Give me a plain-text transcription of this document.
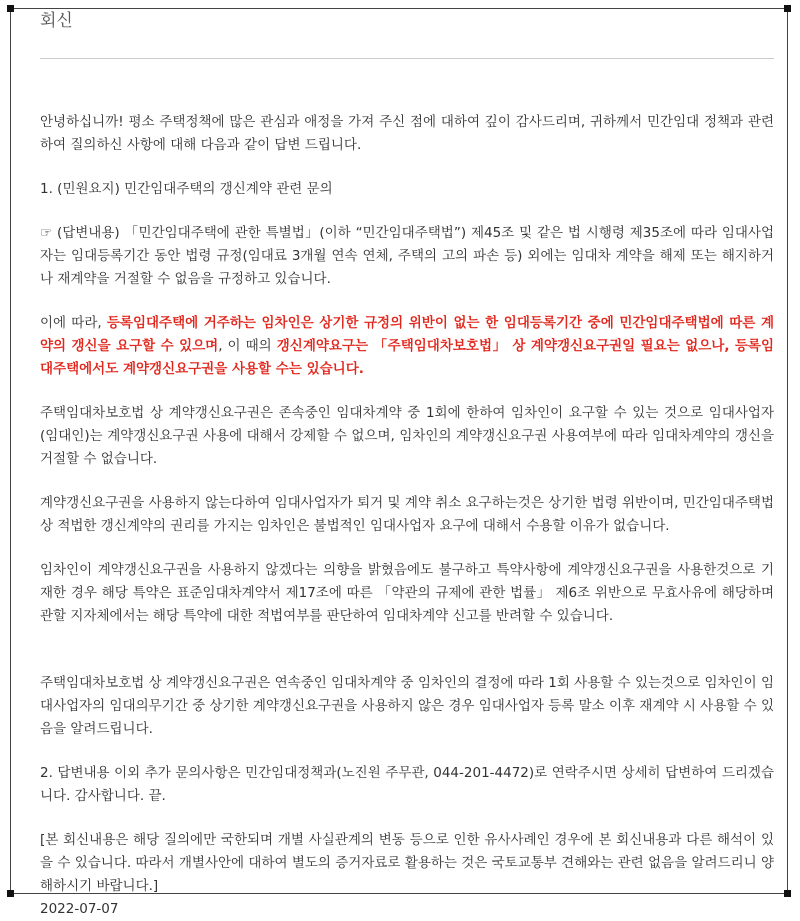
회신

안녕하십니까! 평소 주택정책에 많은 관심과 애정을 가져 주신 점에 대하여 깊이 감사드리며, 귀하께서 민간임대 정책과 관련하여 질의하신 사항에 대해 다음과 같이 답변 드립니다.

1. (민원요지) 민간임대주택의 갱신계약 관련 문의

☞ (답변내용) 「민간임대주택에 관한 특별법」(이하 “민간임대주택법”) 제45조 및 같은 법 시행령 제35조에 따라 임대사업자는 임대등록기간 동안 법령 규정(임대료 3개월 연속 연체, 주택의 고의 파손 등) 외에는 임대차 계약을 해제 또는 해지하거나 재계약을 거절할 수 없음을 규정하고 있습니다.

이에 따라, 등록임대주택에 거주하는 임차인은 상기한 규정의 위반이 없는 한 임대등록기간 중에 민간임대주택법에 따른 계약의 갱신을 요구할 수 있으며, 이 때의 갱신계약요구는 「주택임대차보호법」 상 계약갱신요구권일 필요는 없으나, 등록임대주택에서도 계약갱신요구권을 사용할 수는 있습니다.

주택임대차보호법 상 계약갱신요구권은 존속중인 임대차계약 중 1회에 한하여 임차인이 요구할 수 있는 것으로 임대사업자(임대인)는 계약갱신요구권 사용에 대해서 강제할 수 없으며, 임차인의 계약갱신요구권 사용여부에 따라 임대차계약의 갱신을 거절할 수 없습니다.

계약갱신요구권을 사용하지 않는다하여 임대사업자가 퇴거 및 계약 취소 요구하는것은 상기한 법령 위반이며, 민간임대주택법 상 적법한 갱신계약의 권리를 가지는 임차인은 불법적인 임대사업자 요구에 대해서 수용할 이유가 없습니다.

임차인이 계약갱신요구권을 사용하지 않겠다는 의향을 밝혔음에도 불구하고 특약사항에 계약갱신요구권을 사용한것으로 기재한 경우 해당 특약은 표준임대차계약서 제17조에 따른 「약관의 규제에 관한 법률」 제6조 위반으로 무효사유에 해당하며 관할 지자체에서는 해당 특약에 대한 적법여부를 판단하여 임대차계약 신고를 반려할 수 있습니다.

주택임대차보호법 상 계약갱신요구권은 연속중인 임대차계약 중 임차인의 결정에 따라 1회 사용할 수 있는것으로 임차인이 임대사업자의 임대의무기간 중 상기한 계약갱신요구권을 사용하지 않은 경우 임대사업자 등록 말소 이후 재계약 시 사용할 수 있음을 알려드립니다.

2. 답변내용 이외 추가 문의사항은 민간임대정책과(노진원 주무관, 044-201-4472)로 연락주시면 상세히 답변하여 드리겠습니다. 감사합니다. 끝.

[본 회신내용은 해당 질의에만 국한되며 개별 사실관계의 변동 등으로 인한 유사사례인 경우에 본 회신내용과 다른 해석이 있을 수 있습니다. 따라서 개별사안에 대하여 별도의 증거자료로 활용하는 것은 국토교통부 견해와는 관련 없음을 알려드리니 양해하시기 바랍니다.]

2022-07-07
